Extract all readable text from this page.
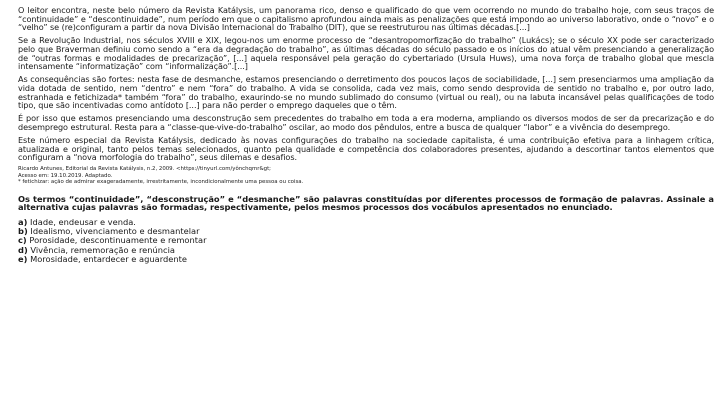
O leitor encontra, neste belo número da Revista Katálysis, um panorama rico, denso e qualificado do que vem ocorrendo no mundo do trabalho hoje, com seus traços de “continuidade” e “descontinuidade”, num período em que o capitalismo aprofundou ainda mais as penalizações que está impondo ao universo laborativo, onde o “novo” e o “velho” se (re)configuram a partir da nova Divisão Internacional do Trabalho (DIT), que se reestruturou nas últimas décadas.[...]

Se a Revolução Industrial, nos séculos XVIII e XIX, legou-nos um enorme processo de “desantropomorfização do trabalho” (Lukács); se o século XX pode ser caracterizado pelo que Braverman definiu como sendo a “era da degradação do trabalho”, as últimas décadas do século passado e os inícios do atual vêm presenciando a generalização de “outras formas e modalidades de precarização”, [...] aquela responsável pela geração do cybertariado (Ursula Huws), uma nova força de trabalho global que mescla intensamente “informatização” com “informalização”.[...]

As consequências são fortes: nesta fase de desmanche, estamos presenciando o derretimento dos poucos laços de sociabilidade, [...] sem presenciarmos uma ampliação da vida dotada de sentido, nem “dentro” e nem “fora” do trabalho. A vida se consolida, cada vez mais, como sendo desprovida de sentido no trabalho e, por outro lado, estranhada e fetichizada* também “fora” do trabalho, exaurindo-se no mundo sublimado do consumo (virtual ou real), ou na labuta incansável pelas qualificações de todo tipo, que são incentivadas como antídoto [...] para não perder o emprego daqueles que o têm.

É por isso que estamos presenciando uma desconstrução sem precedentes do trabalho em toda a era moderna, ampliando os diversos modos de ser da precarização e do desemprego estrutural. Resta para a “classe-que-vive-do-trabalho” oscilar, ao modo dos pêndulos, entre a busca de qualquer “labor” e a vivência do desemprego.

Este número especial da Revista Katálysis, dedicado às novas configurações do trabalho na sociedade capitalista, é uma contribuição efetiva para a linhagem crítica, atualizada e original, tanto pelos temas selecionados, quanto pela qualidade e competência dos colaboradores presentes, ajudando a descortinar tantos elementos que configuram a “nova morfologia do trabalho”, seus dilemas e desafios.

Ricardo Antunes, Editorial da Revista Katálysis, n.2, 2009. <https://tinyurl.com/yônchqmr&gt;
Acesso em: 19.10.2019. Adaptado.
* fetichizar: ação de admirar exageradamente, irrestritamente, incondicionalmente uma pessoa ou coisa.

Os termos “continuidade”, “desconstrução” e “desmanche” são palavras constituídas por diferentes processos de formação de palavras. Assinale a alternativa cujas palavras são formadas, respectivamente, pelos mesmos processos dos vocábulos apresentados no enunciado.

a) Idade, endeusar e venda.
b) Idealismo, vivenciamento e desmantelar
c) Porosidade, descontinuamente e remontar
d) Vivência, rememoração e renúncia
e) Morosidade, entardecer e aguardente
